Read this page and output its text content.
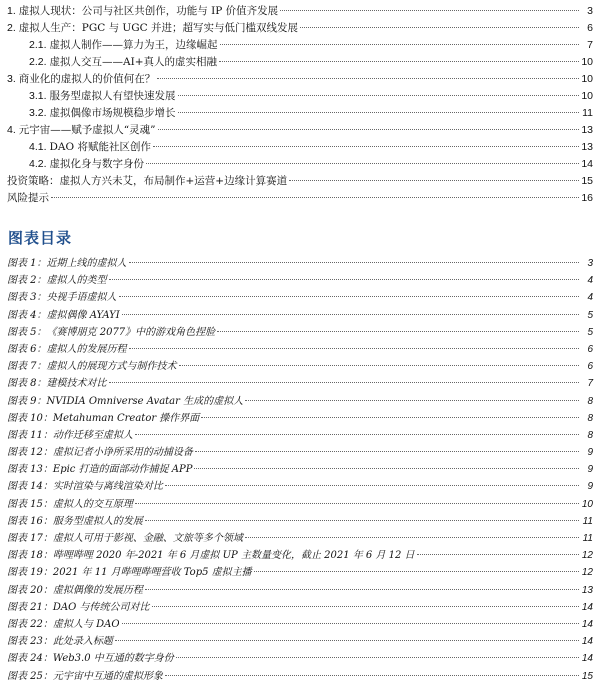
1. 虚拟人现状：公司与社区共创作，功能与 IP 价值齐发展	3
2. 虚拟人生产：PGC 与 UGC 并进；超写实与低门槛双线发展	6
2.1. 虚拟人制作——算力为王，边缘崛起	7
2.2. 虚拟人交互——AI+真人的虚实相融	10
3. 商业化的虚拟人的价值何在？	10
3.1. 服务型虚拟人有望快速发展	10
3.2. 虚拟偶像市场规模稳步增长	11
4. 元宇宙——赋予虚拟人“灵魂”	13
4.1. DAO 将赋能社区创作	13
4.2. 虚拟化身与数字身份	14
投资策略：虚拟人方兴未艾，布局制作+运营+边缘计算赛道	15
风险提示	16
图表目录
图表 1：近期上线的虚拟人	3
图表 2：虚拟人的类型	4
图表 3：央视手语虚拟人	4
图表 4：虚拟偶像 AYAYI	5
图表 5：《赛博朋克 2077》中的游戏角色捏脸	5
图表 6：虚拟人的发展历程	6
图表 7：虚拟人的展现方式与制作技术	6
图表 8：建模技术对比	7
图表 9：NVIDIA Omniverse Avatar 生成的虚拟人	8
图表 10：Metahuman Creator 操作界面	8
图表 11：动作迁移至虚拟人	8
图表 12：虚拟记者小诤所采用的动捕设备	9
图表 13：Epic 打造的面部动作捕捉 APP	9
图表 14：实时渲染与离线渲染对比	9
图表 15：虚拟人的交互原理	10
图表 16：服务型虚拟人的发展	11
图表 17：虚拟人可用于影视、金融、文旅等多个领域	11
图表 18：哔哩哔哩 2020 年-2021 年 6 月虚拟 UP 主数量变化，截止 2021 年 6 月 12 日	12
图表 19：2021 年 11 月哔哩哔哩营收 Top5 虚拟主播	12
图表 20：虚拟偶像的发展历程	13
图表 21：DAO 与传统公司对比	14
图表 22：虚拟人与 DAO	14
图表 23：此处录入标题	14
图表 24：Web3.0 中互通的数字身份	14
图表 25：元宇宙中互通的虚拟形象	15
